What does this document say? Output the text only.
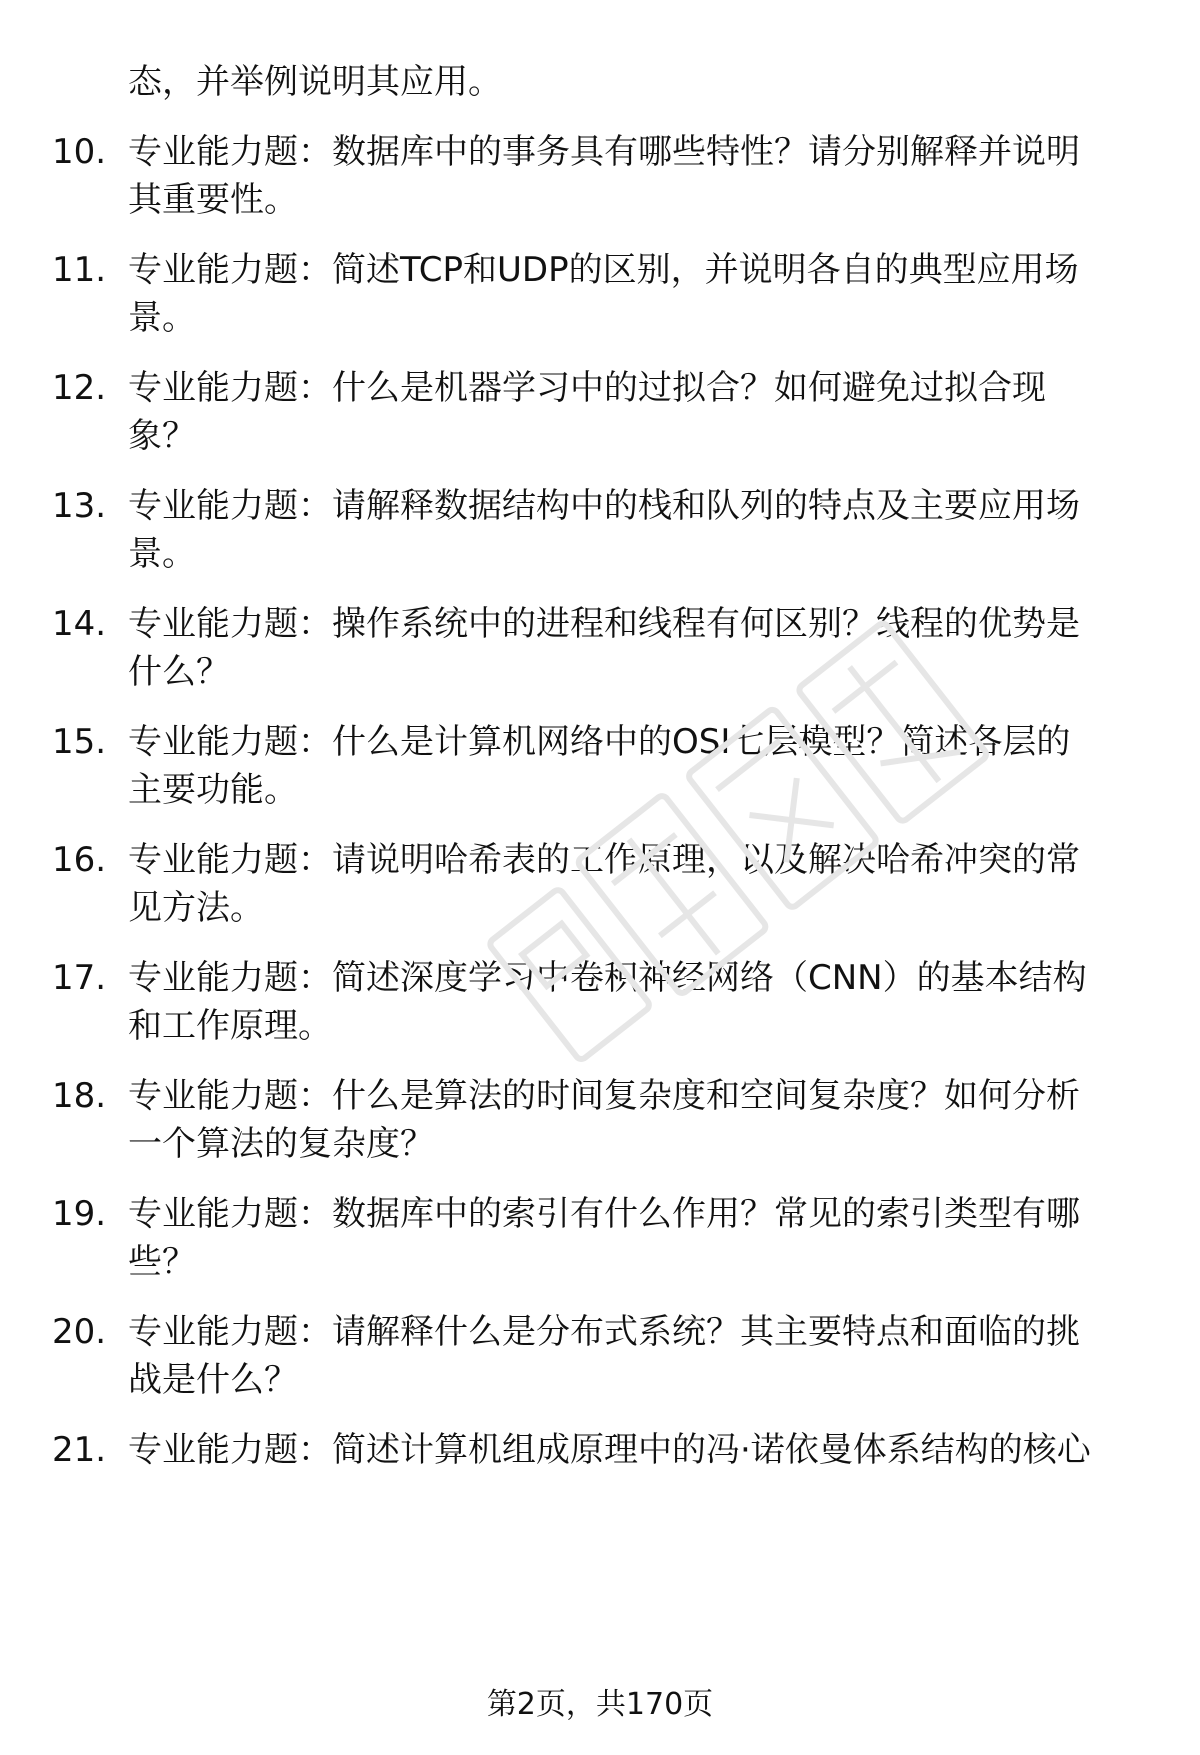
态，并举例说明其应用。
10. 专业能力题：数据库中的事务具有哪些特性？请分别解释并说明
其重要性。
11. 专业能力题：简述TCP和UDP的区别，并说明各自的典型应用场
景。
12. 专业能力题：什么是机器学习中的过拟合？如何避免过拟合现
象？
13. 专业能力题：请解释数据结构中的栈和队列的特点及主要应用场
景。
14. 专业能力题：操作系统中的进程和线程有何区别？线程的优势是
什么？
15. 专业能力题：什么是计算机网络中的OSI七层模型？简述各层的
主要功能。
16. 专业能力题：请说明哈希表的工作原理，以及解决哈希冲突的常
见方法。
17. 专业能力题：简述深度学习中卷积神经网络（CNN）的基本结构
和工作原理。
18. 专业能力题：什么是算法的时间复杂度和空间复杂度？如何分析
一个算法的复杂度？
19. 专业能力题：数据库中的索引有什么作用？常见的索引类型有哪
些？
20. 专业能力题：请解释什么是分布式系统？其主要特点和面临的挑
战是什么？
21. 专业能力题：简述计算机组成原理中的冯·诺依曼体系结构的核心
第2页，共170页
